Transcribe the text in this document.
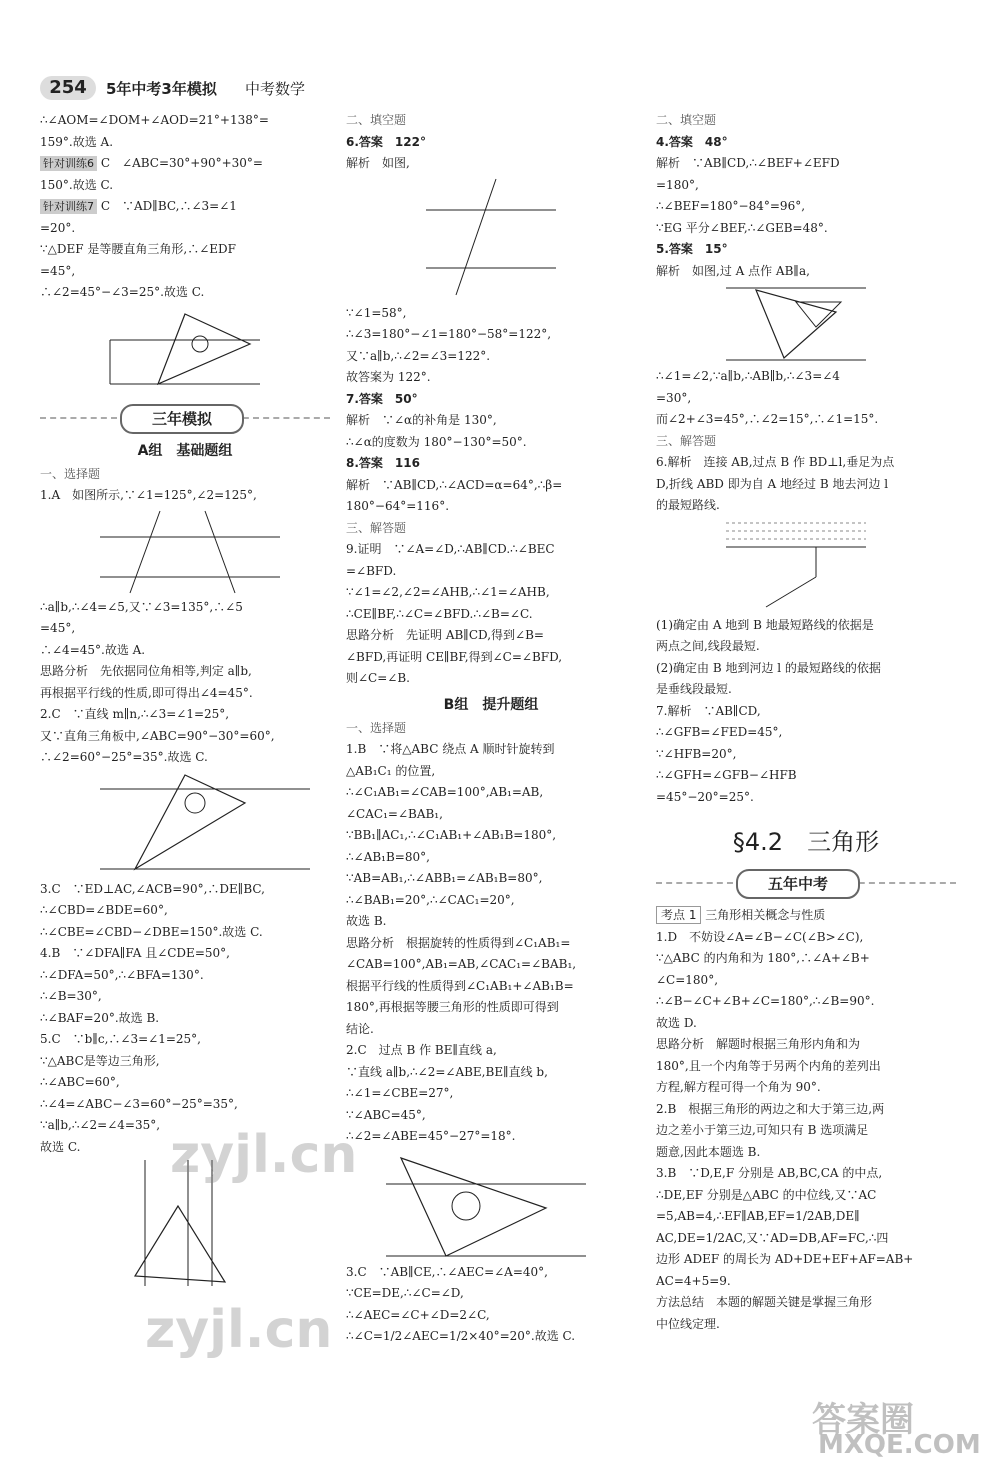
254	5年中考3年模拟 中考数学
∴∠AOM=∠DOM+∠AOD=21°+138°=
159°.故选 A.
针对训练6 C　∠ABC=30°+90°+30°=
150°.故选 C.
针对训练7 C　∵AD∥BC,∴∠3=∠1
=20°.
∵△DEF 是等腰直角三角形,∴∠EDF
=45°,
∴∠2=45°−∠3=25°.故选 C.
三年模拟
A组　基础题组
一、选择题
1.A　如图所示,∵∠1=125°,∠2=125°,
∴a∥b,∴∠4=∠5,又∵∠3=135°,∴∠5
=45°,
∴∠4=45°.故选 A.
思路分析　先依据同位角相等,判定 a∥b,
再根据平行线的性质,即可得出∠4=45°.
2.C　∵直线 m∥n,∴∠3=∠1=25°,
又∵直角三角板中,∠ABC=90°−30°=60°,
∴∠2=60°−25°=35°.故选 C.
3.C　∵ED⊥AC,∠ACB=90°,∴DE∥BC,
∴∠CBD=∠BDE=60°,
∴∠CBE=∠CBD−∠DBE=150°.故选 C.
4.B　∵∠DFA∥FA 且∠CDE=50°,
∴∠DFA=50°,∴∠BFA=130°.
∴∠B=30°,
∴∠BAF=20°.故选 B.
5.C　∵b∥c,∴∠3=∠1=25°,
∵△ABC是等边三角形,
∴∠ABC=60°,
∴∠4=∠ABC−∠3=60°−25°=35°,
∵a∥b,∴∠2=∠4=35°,
故选 C.
二、填空题
6.答案　122°
解析　如图,
∵∠1=58°,
∴∠3=180°−∠1=180°−58°=122°,
又∵a∥b,∴∠2=∠3=122°.
故答案为 122°.
7.答案　50°
解析　∵∠α的补角是 130°,
∴∠α的度数为 180°−130°=50°.
8.答案　116
解析　∵AB∥CD,∴∠ACD=α=64°,∴β=
180°−64°=116°.
三、解答题
9.证明　∵∠A=∠D,∴AB∥CD.∴∠BEC
=∠BFD.
∵∠1=∠2,∠2=∠AHB,∴∠1=∠AHB,
∴CE∥BF,∴∠C=∠BFD.∴∠B=∠C.
思路分析　先证明 AB∥CD,得到∠B=
∠BFD,再证明 CE∥BF,得到∠C=∠BFD,
则∠C=∠B.
B组　提升题组
一、选择题
1.B　∵将△ABC 绕点 A 顺时针旋转到
△AB₁C₁ 的位置,
∴∠C₁AB₁=∠CAB=100°,AB₁=AB,
∠CAC₁=∠BAB₁,
∵BB₁∥AC₁,∴∠C₁AB₁+∠AB₁B=180°,
∴∠AB₁B=80°,
∵AB=AB₁,∴∠ABB₁=∠AB₁B=80°,
∴∠BAB₁=20°,∴∠CAC₁=20°,
故选 B.
思路分析　根据旋转的性质得到∠C₁AB₁=
∠CAB=100°,AB₁=AB,∠CAC₁=∠BAB₁,
根据平行线的性质得到∠C₁AB₁+∠AB₁B=
180°,再根据等腰三角形的性质即可得到
结论.
2.C　过点 B 作 BE∥直线 a,
∵直线 a∥b,∴∠2=∠ABE,BE∥直线 b,
∴∠1=∠CBE=27°,
∵∠ABC=45°,
∴∠2=∠ABE=45°−27°=18°.
3.C　∵AB∥CE,∴∠AEC=∠A=40°,
∵CE=DE,∴∠C=∠D,
∴∠AEC=∠C+∠D=2∠C,
∴∠C=1/2∠AEC=1/2×40°=20°.故选 C.
二、填空题
4.答案　48°
解析　∵AB∥CD,∴∠BEF+∠EFD
=180°,
∴∠BEF=180°−84°=96°,
∵EG 平分∠BEF,∴∠GEB=48°.
5.答案　15°
解析　如图,过 A 点作 AB∥a,
∴∠1=∠2,∵a∥b,∴AB∥b,∴∠3=∠4
=30°,
而∠2+∠3=45°,∴∠2=15°,∴∠1=15°.
三、解答题
6.解析　连接 AB,过点 B 作 BD⊥l,垂足为点
D,折线 ABD 即为自 A 地经过 B 地去河边 l
的最短路线.
(1)确定由 A 地到 B 地最短路线的依据是
两点之间,线段最短.
(2)确定由 B 地到河边 l 的最短路线的依据
是垂线段最短.
7.解析　∵AB∥CD,
∴∠GFB=∠FED=45°,
∵∠HFB=20°,
∴∠GFH=∠GFB−∠HFB
=45°−20°=25°.
§4.2　三角形
五年中考
考点 1 三角形相关概念与性质
1.D　不妨设∠A=∠B−∠C(∠B>∠C),
∵△ABC 的内角和为 180°,∴∠A+∠B+
∠C=180°,
∴∠B−∠C+∠B+∠C=180°,∴∠B=90°.
故选 D.
思路分析　解题时根据三角形内角和为
180°,且一个内角等于另两个内角的差列出
方程,解方程可得一个角为 90°.
2.B　根据三角形的两边之和大于第三边,两
边之差小于第三边,可知只有 B 选项满足
题意,因此本题选 B.
3.B　∵D,E,F 分别是 AB,BC,CA 的中点,
∴DE,EF 分别是△ABC 的中位线,又∵AC
=5,AB=4,∴EF∥AB,EF=1/2AB,DE∥
AC,DE=1/2AC,又∵AD=DB,AF=FC,∴四
边形 ADEF 的周长为 AD+DE+EF+AF=AB+
AC=4+5=9.
方法总结　本题的解题关键是掌握三角形
中位线定理.
zyjl.cn
zyjl.cn
答案圈
MXQE.COM
